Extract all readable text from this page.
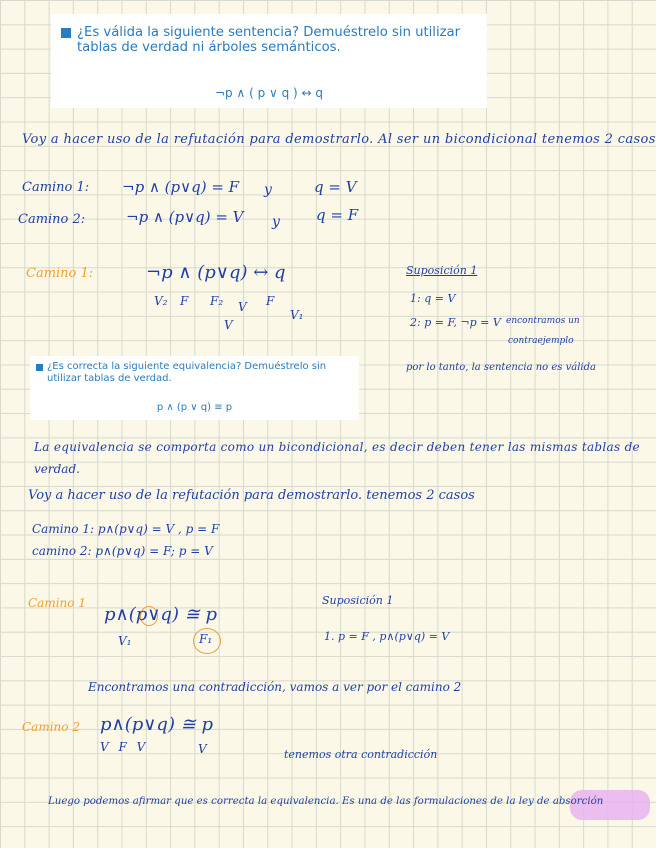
¿Es válida la siguiente sentencia? Demuéstrelo sin utilizar tablas de verdad ni árboles semánticos.
¬p ∧ ( p ∨ q ) ↔ q
Voy a hacer uso de la refutación para demostrarlo. Al ser un bicondicional tenemos 2 casos
Camino 1: ¬p ∧ (p∨q) = F y	q = V
Camino 2:	¬p ∧ (p∨q) = V y q = F
Camino 1:	¬p ∧ (p∨q) ↔ q
V₂ F F₂ V F
V₁
V
Suposición 1
1: q = V
2: p = F, ¬p = V encontramos un
contraejemplo
por lo tanto, la sentencia no es válida
¿Es correcta la siguiente equivalencia? Demuéstrelo sin utilizar tablas de verdad.
p ∧ (p ∨ q) ≡ p
La equivalencia se comporta como un bicondicional, es decir deben tener las mismas tablas de
verdad.
Voy a hacer uso de la refutación para demostrarlo. tenemos 2 casos
Camino 1: p∧(p∨q) = V , p = F
camino 2: p∧(p∨q) = F; p = V
Camino 1
p∧(p∨q) ≅ p
V₁	F₁
Suposición 1
1. p = F , p∧(p∨q) = V
Encontramos una contradicción, vamos a ver por el camino 2
Camino 2 p∧(p∨q) ≅ p
V F V	V	tenemos otra contradicción
Luego podemos afirmar que es correcta la equivalencia. Es una de las formulaciones de la ley de absorción
